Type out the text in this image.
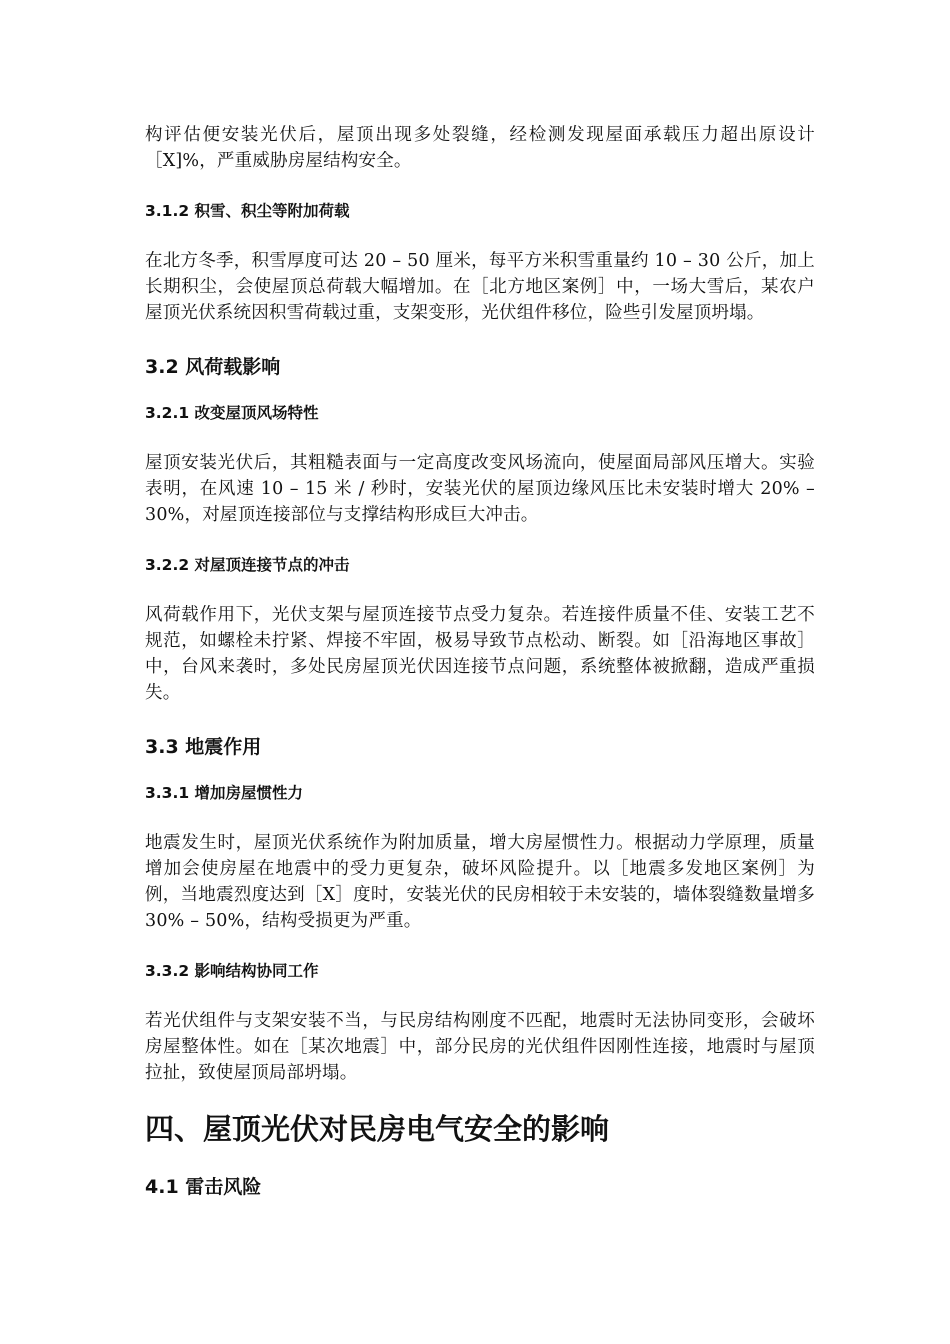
构评估便安装光伏后，屋顶出现多处裂缝，经检测发现屋面承载压力超出原设计［X]%，严重威胁房屋结构安全。

3.1.2 积雪、积尘等附加荷载

在北方冬季，积雪厚度可达 20 – 50 厘米，每平方米积雪重量约 10 – 30 公斤，加上长期积尘，会使屋顶总荷载大幅增加。在［北方地区案例］中，一场大雪后，某农户屋顶光伏系统因积雪荷载过重，支架变形，光伏组件移位，险些引发屋顶坍塌。

3.2 风荷载影响
3.2.1 改变屋顶风场特性

屋顶安装光伏后，其粗糙表面与一定高度改变风场流向，使屋面局部风压增大。实验表明，在风速 10 – 15 米 / 秒时，安装光伏的屋顶边缘风压比未安装时增大 20% – 30%，对屋顶连接部位与支撑结构形成巨大冲击。

3.2.2 对屋顶连接节点的冲击

风荷载作用下，光伏支架与屋顶连接节点受力复杂。若连接件质量不佳、安装工艺不规范，如螺栓未拧紧、焊接不牢固，极易导致节点松动、断裂。如［沿海地区事故］中，台风来袭时，多处民房屋顶光伏因连接节点问题，系统整体被掀翻，造成严重损失。

3.3 地震作用
3.3.1 增加房屋惯性力

地震发生时，屋顶光伏系统作为附加质量，增大房屋惯性力。根据动力学原理，质量增加会使房屋在地震中的受力更复杂，破坏风险提升。以［地震多发地区案例］为例，当地震烈度达到［X］度时，安装光伏的民房相较于未安装的，墙体裂缝数量增多 30% – 50%，结构受损更为严重。

3.3.2 影响结构协同工作

若光伏组件与支架安装不当，与民房结构刚度不匹配，地震时无法协同变形，会破坏房屋整体性。如在［某次地震］中，部分民房的光伏组件因刚性连接，地震时与屋顶拉扯，致使屋顶局部坍塌。

四、屋顶光伏对民房电气安全的影响
4.1 雷击风险
